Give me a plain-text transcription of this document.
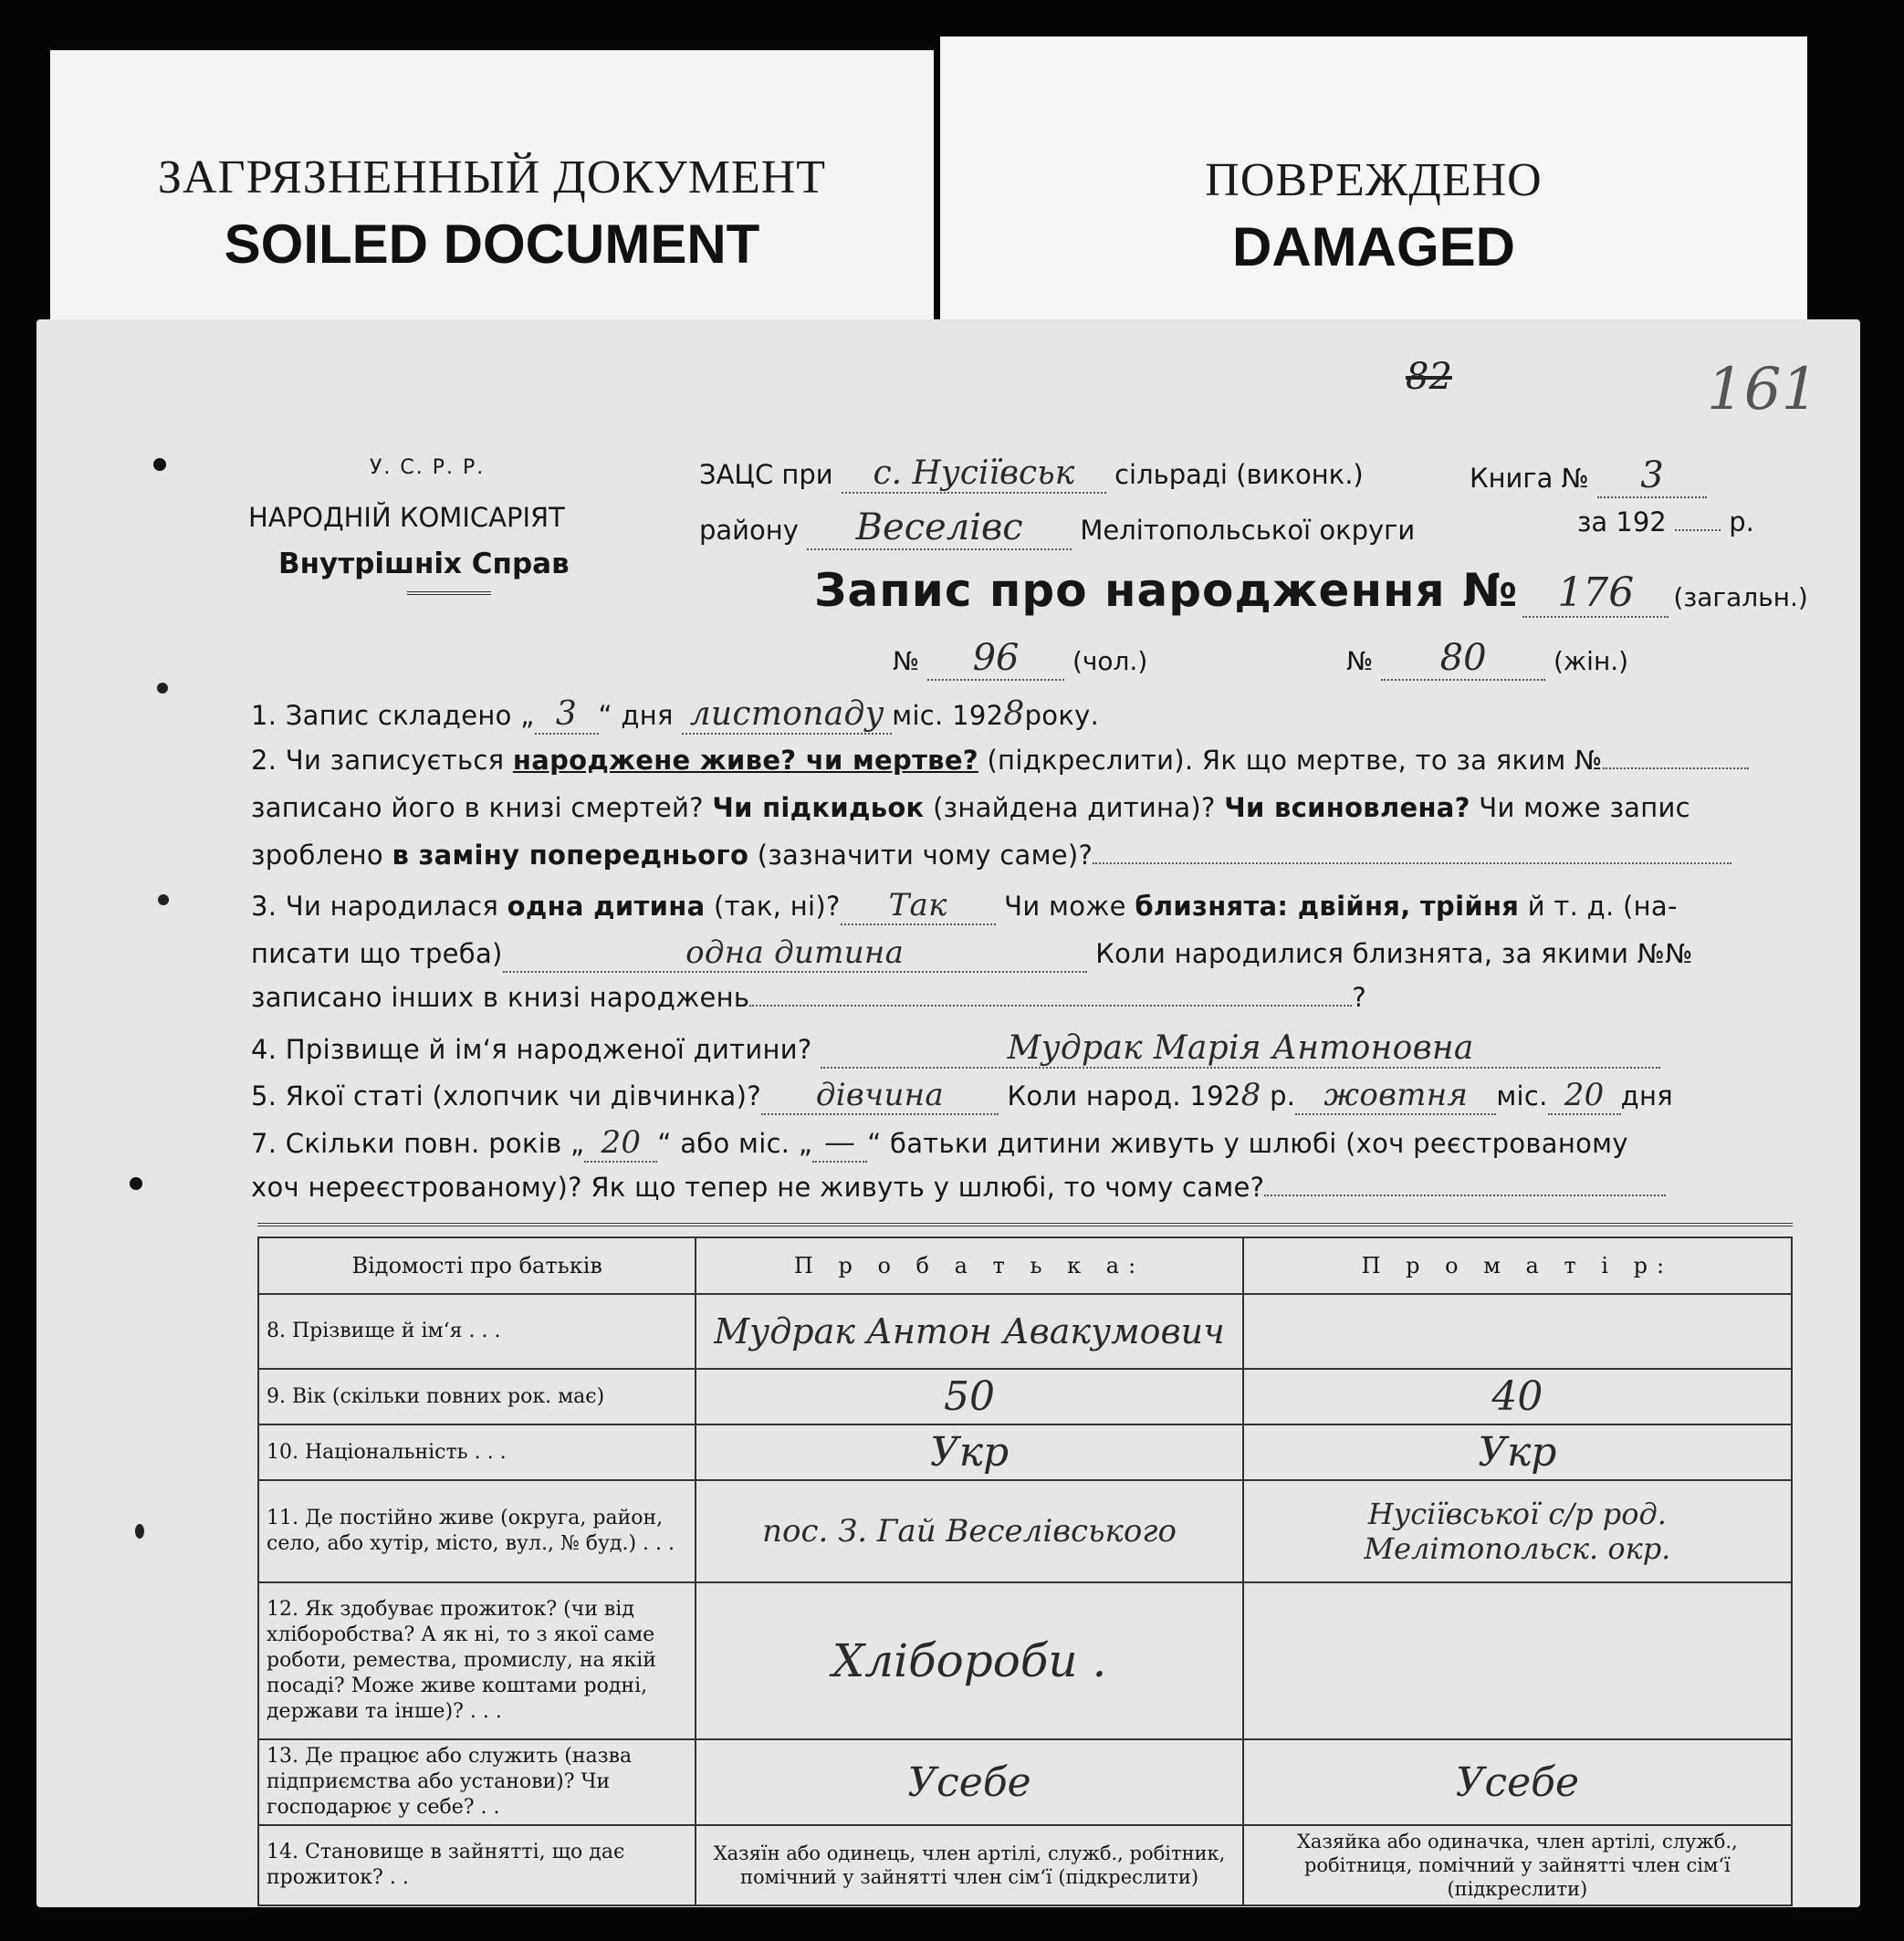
ЗАГРЯЗНЕННЫЙ ДОКУМЕНТ
SOILED DOCUMENT
ПОВРЕЖДЕНО
DAMAGED
161
82
У. С. Р. Р.
НАРОДНІЙ КОМІСАРІЯТ
Внутрішніх Справ
ЗАЦС при с. Нусіївськ сільраді (виконк.)	Книга № 3
району Веселівс Мелітопольської округи	за 192 р.
Запис про народження № 176 (загальн.)
№ 96 (чол.)	№ 80	(жін.)
1. Запис складено „ 3 “ дня листопаду міс. 1928року.
2. Чи записується народжене живе? чи мертве? (підкреслити). Як що мертве, то за яким №
записано його в книзі смертей? Чи підкидьок (знайдена дитина)? Чи всиновлена? Чи може запис
зроблено в заміну попереднього (зазначити чому саме)?
3. Чи народилася одна дитина (так, ні)? Так Чи може близнята: двійня, трійня й т. д. (на-
писати що треба)	одна дитина	Коли народилися близнята, за якими №№
записано інших в книзі народжень	?
4. Прізвище й ім‘я народженої дитини?	Мудрак Марія Антоновна
5. Якої статі (хлопчик чи дівчинка)? дівчина Коли народ. 1928 р. жовтня міс. 20 дня
7. Скільки повн. років „ 20 “ або міс. „ — “ батьки дитини живуть у шлюбі (хоч реєстрованому
хоч нереєстрованому)? Як що тепер не живуть у шлюбі, то чому саме?
Відомості про батьків	П р о б а т ь к а:	П р о м а т і р:
8. Прізвище й ім‘я . . .	Мудрак Антон Авакумович	
9. Вік (скільки повних рок. має)	50	40
10. Національність . . .	Укр	Укр
11. Де постійно живе (округа, район, село, або хутір, місто, вул., № буд.) . . .	пос. З. Гай Веселівського	Нусіївської с/р род. Мелітопольск. окр.
12. Як здобуває прожиток? (чи від хліборобства? А як ні, то з якої саме роботи, ремества, промислу, на якій посаді? Може живе коштами родні, держави та інше)? . . .	Хлібороби .	
13. Де працює або служить (назва підприємства або установи)? Чи господарює у себе? . .	Усебе	Усебе
14. Становище в зайнятті, що дає прожиток? . .	Хазяїн або одинець, член артілі, служб., робітник, помічний у зайнятті член сім‘ї (підкреслити)	Хазяйка або одиначка, член артілі, служб., робітниця, помічний у зайнятті член сім‘ї (підкреслити)
